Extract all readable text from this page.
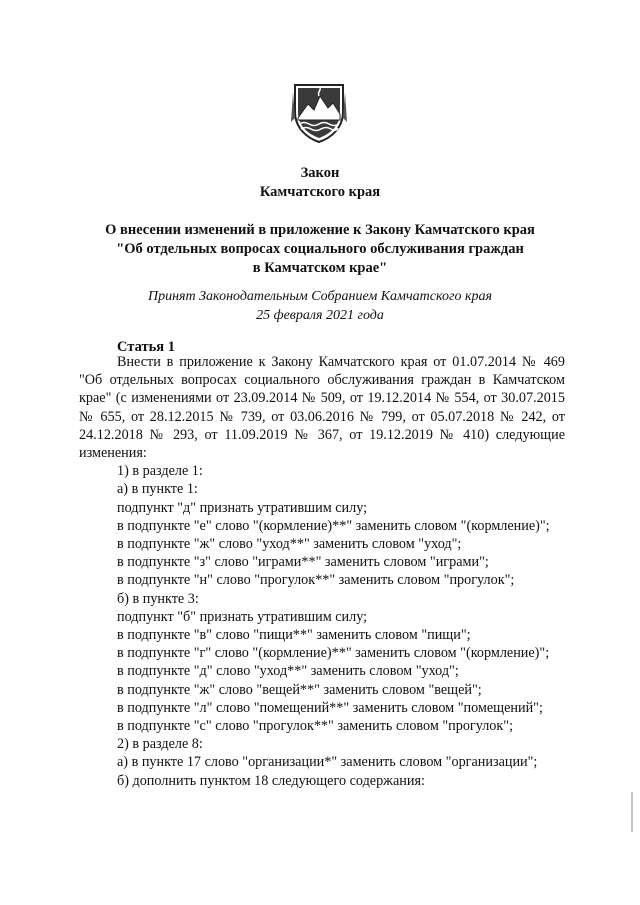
Закон
Камчатского края
О внесении изменений в приложение к Закону Камчатского края
"Об отдельных вопросах социального обслуживания граждан
в Камчатском крае"
Принят Законодательным Собранием Камчатского края
25 февраля 2021 года
Статья 1

Внести в приложение к Закону Камчатского края от 01.07.2014 № 469 "Об отдельных вопросах социального обслуживания граждан в Камчатском крае" (с изменениями от 23.09.2014 № 509, от 19.12.2014 № 554, от 30.07.2015 № 655, от 28.12.2015 № 739, от 03.06.2016 № 799, от 05.07.2018 № 242, от 24.12.2018 № 293, от 11.09.2019 № 367, от 19.12.2019 № 410) следующие изменения:

1) в разделе 1:

а) в пункте 1:

подпункт "д" признать утратившим силу;

в подпункте "е" слово "(кормление)**" заменить словом "(кормление)";

в подпункте "ж" слово "уход**" заменить словом "уход";

в подпункте "з" слово "играми**" заменить словом "играми";

в подпункте "н" слово "прогулок**" заменить словом "прогулок";

б) в пункте 3:

подпункт "б" признать утратившим силу;

в подпункте "в" слово "пищи**" заменить словом "пищи";

в подпункте "г" слово "(кормление)**" заменить словом "(кормление)";

в подпункте "д" слово "уход**" заменить словом "уход";

в подпункте "ж" слово "вещей**" заменить словом "вещей";

в подпункте "л" слово "помещений**" заменить словом "помещений";

в подпункте "с" слово "прогулок**" заменить словом "прогулок";

2) в разделе 8:

а) в пункте 17 слово "организации*" заменить словом "организации";

б) дополнить пунктом 18 следующего содержания:
